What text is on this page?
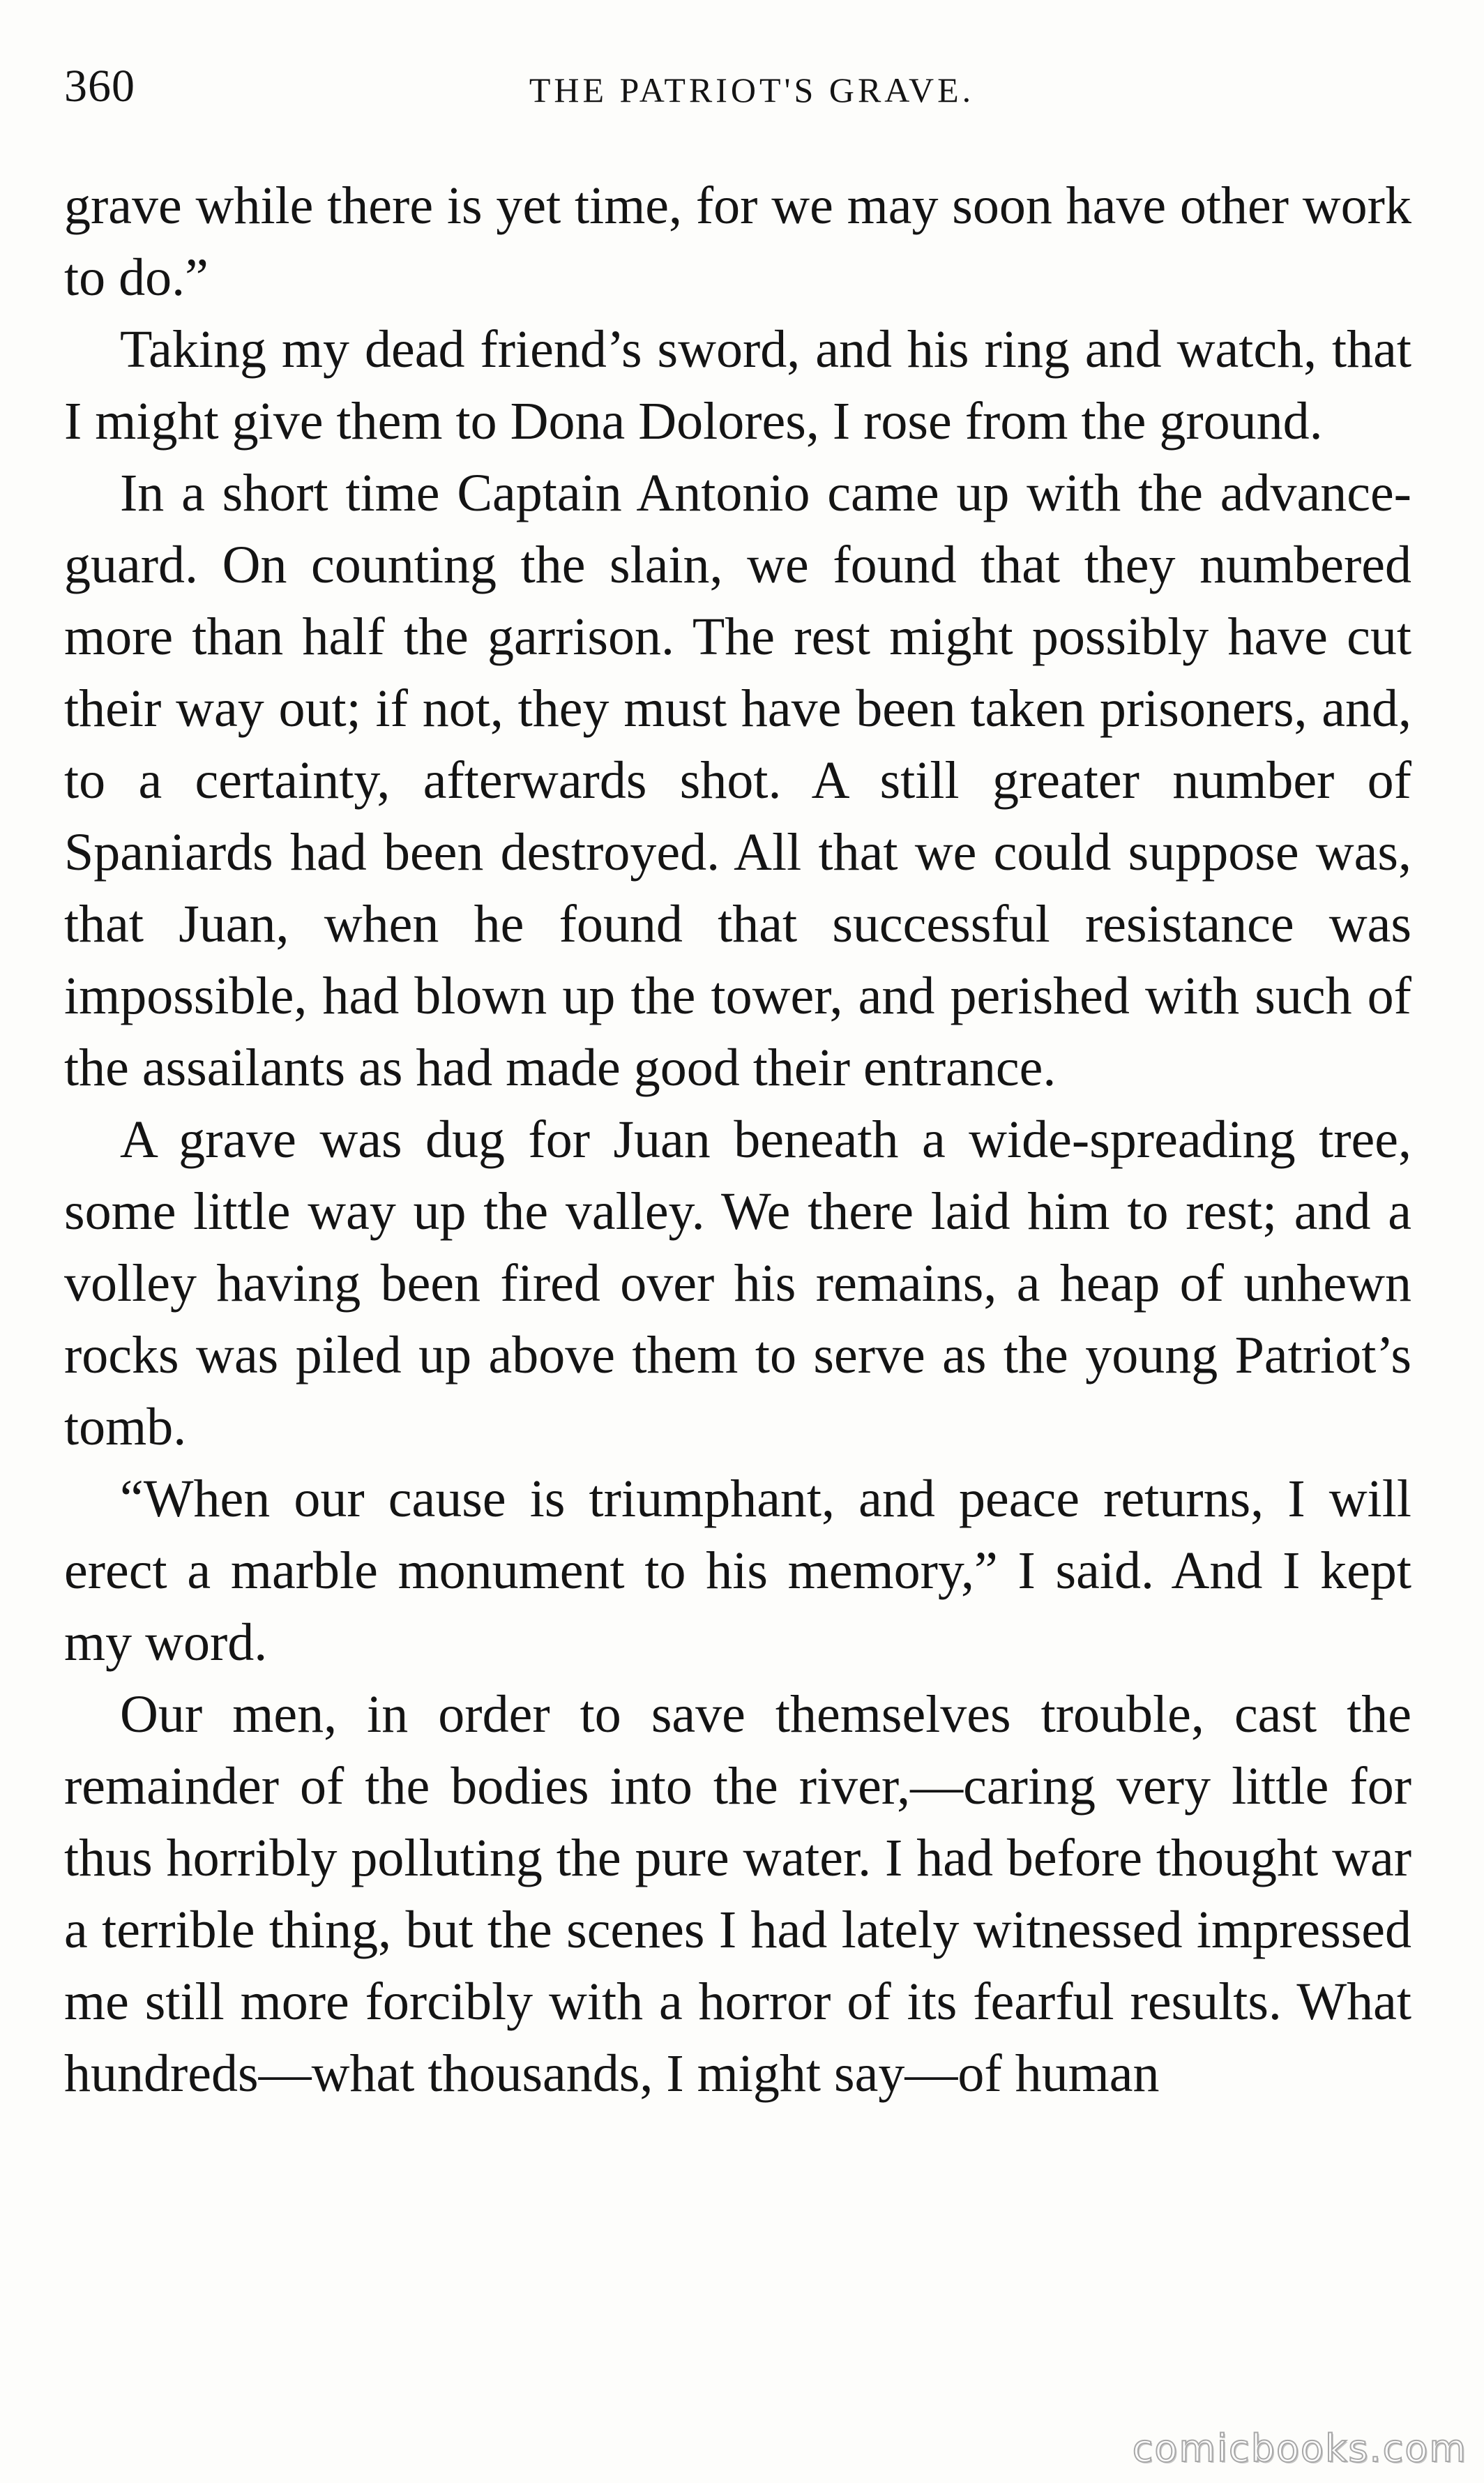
360	THE PATRIOT'S GRAVE.

grave while there is yet time, for we may soon have other work to do.”

Taking my dead friend’s sword, and his ring and watch, that I might give them to Dona Dolores, I rose from the ground.

In a short time Captain Antonio came up with the advance-guard. On counting the slain, we found that they numbered more than half the garrison. The rest might possibly have cut their way out; if not, they must have been taken prisoners, and, to a certainty, afterwards shot. A still greater number of Spaniards had been destroyed. All that we could suppose was, that Juan, when he found that successful resistance was impossible, had blown up the tower, and perished with such of the assailants as had made good their entrance.

A grave was dug for Juan beneath a wide-spreading tree, some little way up the valley. We there laid him to rest; and a volley having been fired over his remains, a heap of unhewn rocks was piled up above them to serve as the young Patriot’s tomb.

“When our cause is triumphant, and peace returns, I will erect a marble monument to his memory,” I said. And I kept my word.

Our men, in order to save themselves trouble, cast the remainder of the bodies into the river,—caring very little for thus horribly polluting the pure water. I had before thought war a terrible thing, but the scenes I had lately witnessed impressed me still more forcibly with a horror of its fearful results. What hundreds—what thousands, I might say—of human

comicbooks.com
